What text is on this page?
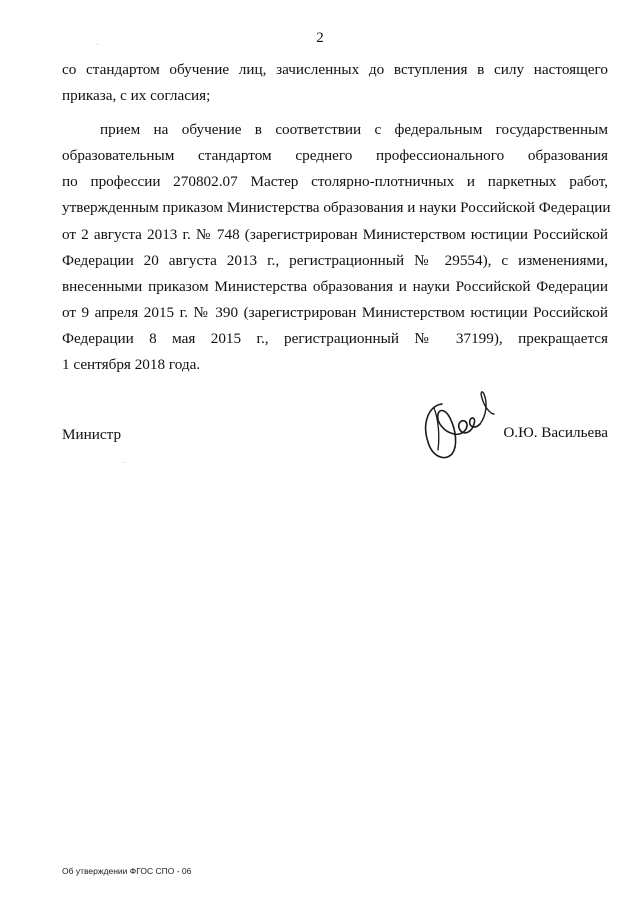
2
со стандартом обучение лиц, зачисленных до вступления в силу настоящего
приказа, с их согласия;
прием на обучение в соответствии с федеральным государственным
образовательным стандартом среднего профессионального образования
по профессии 270802.07 Мастер столярно-плотничных и паркетных работ,
утвержденным приказом Министерства образования и науки Российской Федерации
от 2 августа 2013 г. № 748 (зарегистрирован Министерством юстиции Российской
Федерации 20 августа 2013 г., регистрационный № 29554), с изменениями,
внесенными приказом Министерства образования и науки Российской Федерации
от 9 апреля 2015 г. № 390 (зарегистрирован Министерством юстиции Российской
Федерации 8 мая 2015 г., регистрационный № 37199), прекращается
1 сентября 2018 года.
Министр	О.Ю. Васильева
Об утверждении ФГОС СПО - 06
